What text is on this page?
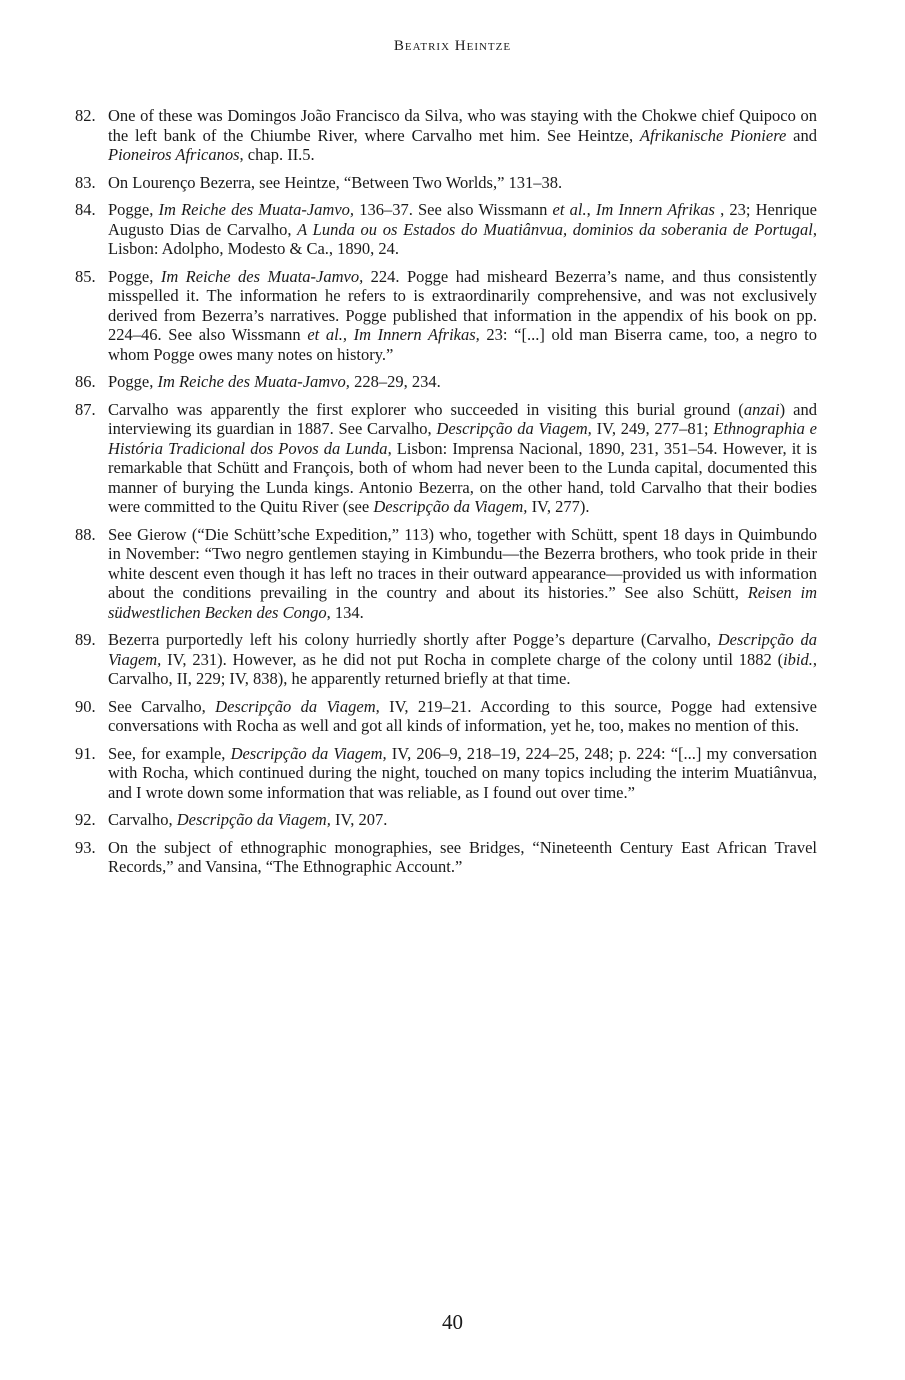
Beatrix Heintze
82. One of these was Domingos João Francisco da Silva, who was staying with the Chokwe chief Quipoco on the left bank of the Chiumbe River, where Carvalho met him. See Heintze, Afrikanische Pioniere and Pioneiros Africanos, chap. II.5.
83. On Lourenço Bezerra, see Heintze, “Between Two Worlds,” 131–38.
84. Pogge, Im Reiche des Muata-Jamvo, 136–37. See also Wissmann et al., Im Innern Afrikas , 23; Henrique Augusto Dias de Carvalho, A Lunda ou os Estados do Muatiânvua, dominios da soberania de Portugal, Lisbon: Adolpho, Modesto & Ca., 1890, 24.
85. Pogge, Im Reiche des Muata-Jamvo, 224. Pogge had misheard Bezerra’s name, and thus consistently misspelled it. The information he refers to is extraordinarily comprehensive, and was not exclusively derived from Bezerra’s narratives. Pogge published that information in the appendix of his book on pp. 224–46. See also Wissmann et al., Im Innern Afrikas, 23: “[...] old man Biserra came, too, a negro to whom Pogge owes many notes on history.”
86. Pogge, Im Reiche des Muata-Jamvo, 228–29, 234.
87. Carvalho was apparently the first explorer who succeeded in visiting this burial ground (anzai) and interviewing its guardian in 1887. See Carvalho, Descripção da Viagem, IV, 249, 277–81; Ethnographia e História Tradicional dos Povos da Lunda, Lisbon: Imprensa Nacional, 1890, 231, 351–54. However, it is remarkable that Schütt and François, both of whom had never been to the Lunda capital, documented this manner of burying the Lunda kings. Antonio Bezerra, on the other hand, told Carvalho that their bodies were committed to the Quitu River (see Descripção da Viagem, IV, 277).
88. See Gierow (“Die Schütt’sche Expedition,” 113) who, together with Schütt, spent 18 days in Quimbundo in November: “Two negro gentlemen staying in Kimbundu—the Bezerra brothers, who took pride in their white descent even though it has left no traces in their outward appearance—provided us with information about the conditions prevailing in the country and about its histories.” See also Schütt, Reisen im südwestlichen Becken des Congo, 134.
89. Bezerra purportedly left his colony hurriedly shortly after Pogge’s departure (Carvalho, Descripção da Viagem, IV, 231). However, as he did not put Rocha in complete charge of the colony until 1882 (ibid., Carvalho, II, 229; IV, 838), he apparently returned briefly at that time.
90. See Carvalho, Descripção da Viagem, IV, 219–21. According to this source, Pogge had extensive conversations with Rocha as well and got all kinds of information, yet he, too, makes no mention of this.
91. See, for example, Descripção da Viagem, IV, 206–9, 218–19, 224–25, 248; p. 224: “[...] my conversation with Rocha, which continued during the night, touched on many topics including the interim Muatiânvua, and I wrote down some information that was reliable, as I found out over time.”
92. Carvalho, Descripção da Viagem, IV, 207.
93. On the subject of ethnographic monographies, see Bridges, “Nineteenth Century East African Travel Records,” and Vansina, “The Ethnographic Account.”
40
